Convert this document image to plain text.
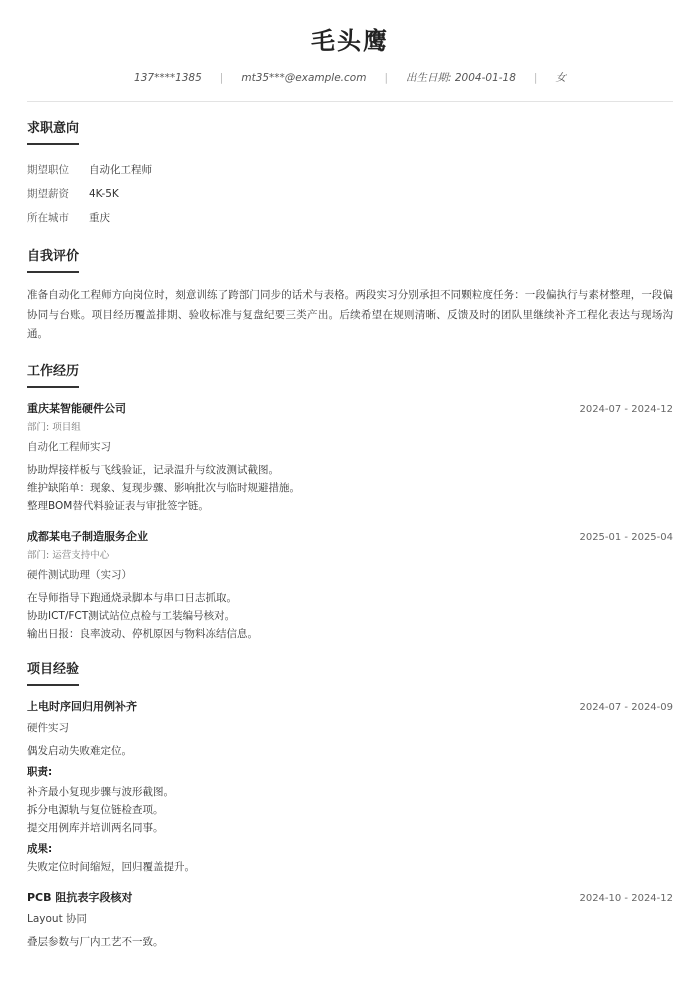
毛头鹰
137****1385 | mt35***@example.com | 出生日期: 2004-01-18 | 女
求职意向
期望职位	自动化工程师
期望薪资	4K-5K
所在城市	重庆
自我评价

准备自动化工程师方向岗位时，刻意训练了跨部门同步的话术与表格。两段实习分别承担不同颗粒度任务：一段偏执行与素材整理，一段偏协同与台账。项目经历覆盖排期、验收标准与复盘纪要三类产出。后续希望在规则清晰、反馈及时的团队里继续补齐工程化表达与现场沟通。

工作经历
重庆某智能硬件公司	2024-07 - 2024-12
部门: 项目组
自动化工程师实习
协助焊接样板与飞线验证，记录温升与纹波测试截图。
维护缺陷单：现象、复现步骤、影响批次与临时规避措施。
整理BOM替代料验证表与审批签字链。
成都某电子制造服务企业	2025-01 - 2025-04
部门: 运营支持中心
硬件测试助理（实习）
在导师指导下跑通烧录脚本与串口日志抓取。
协助ICT/FCT测试站位点检与工装编号核对。
输出日报：良率波动、停机原因与物料冻结信息。
项目经验
上电时序回归用例补齐	2024-07 - 2024-09
硬件实习
偶发启动失败难定位。
职责:
补齐最小复现步骤与波形截图。
拆分电源轨与复位链检查项。
提交用例库并培训两名同事。
成果:
失败定位时间缩短，回归覆盖提升。
PCB 阻抗表字段核对	2024-10 - 2024-12
Layout 协同
叠层参数与厂内工艺不一致。
